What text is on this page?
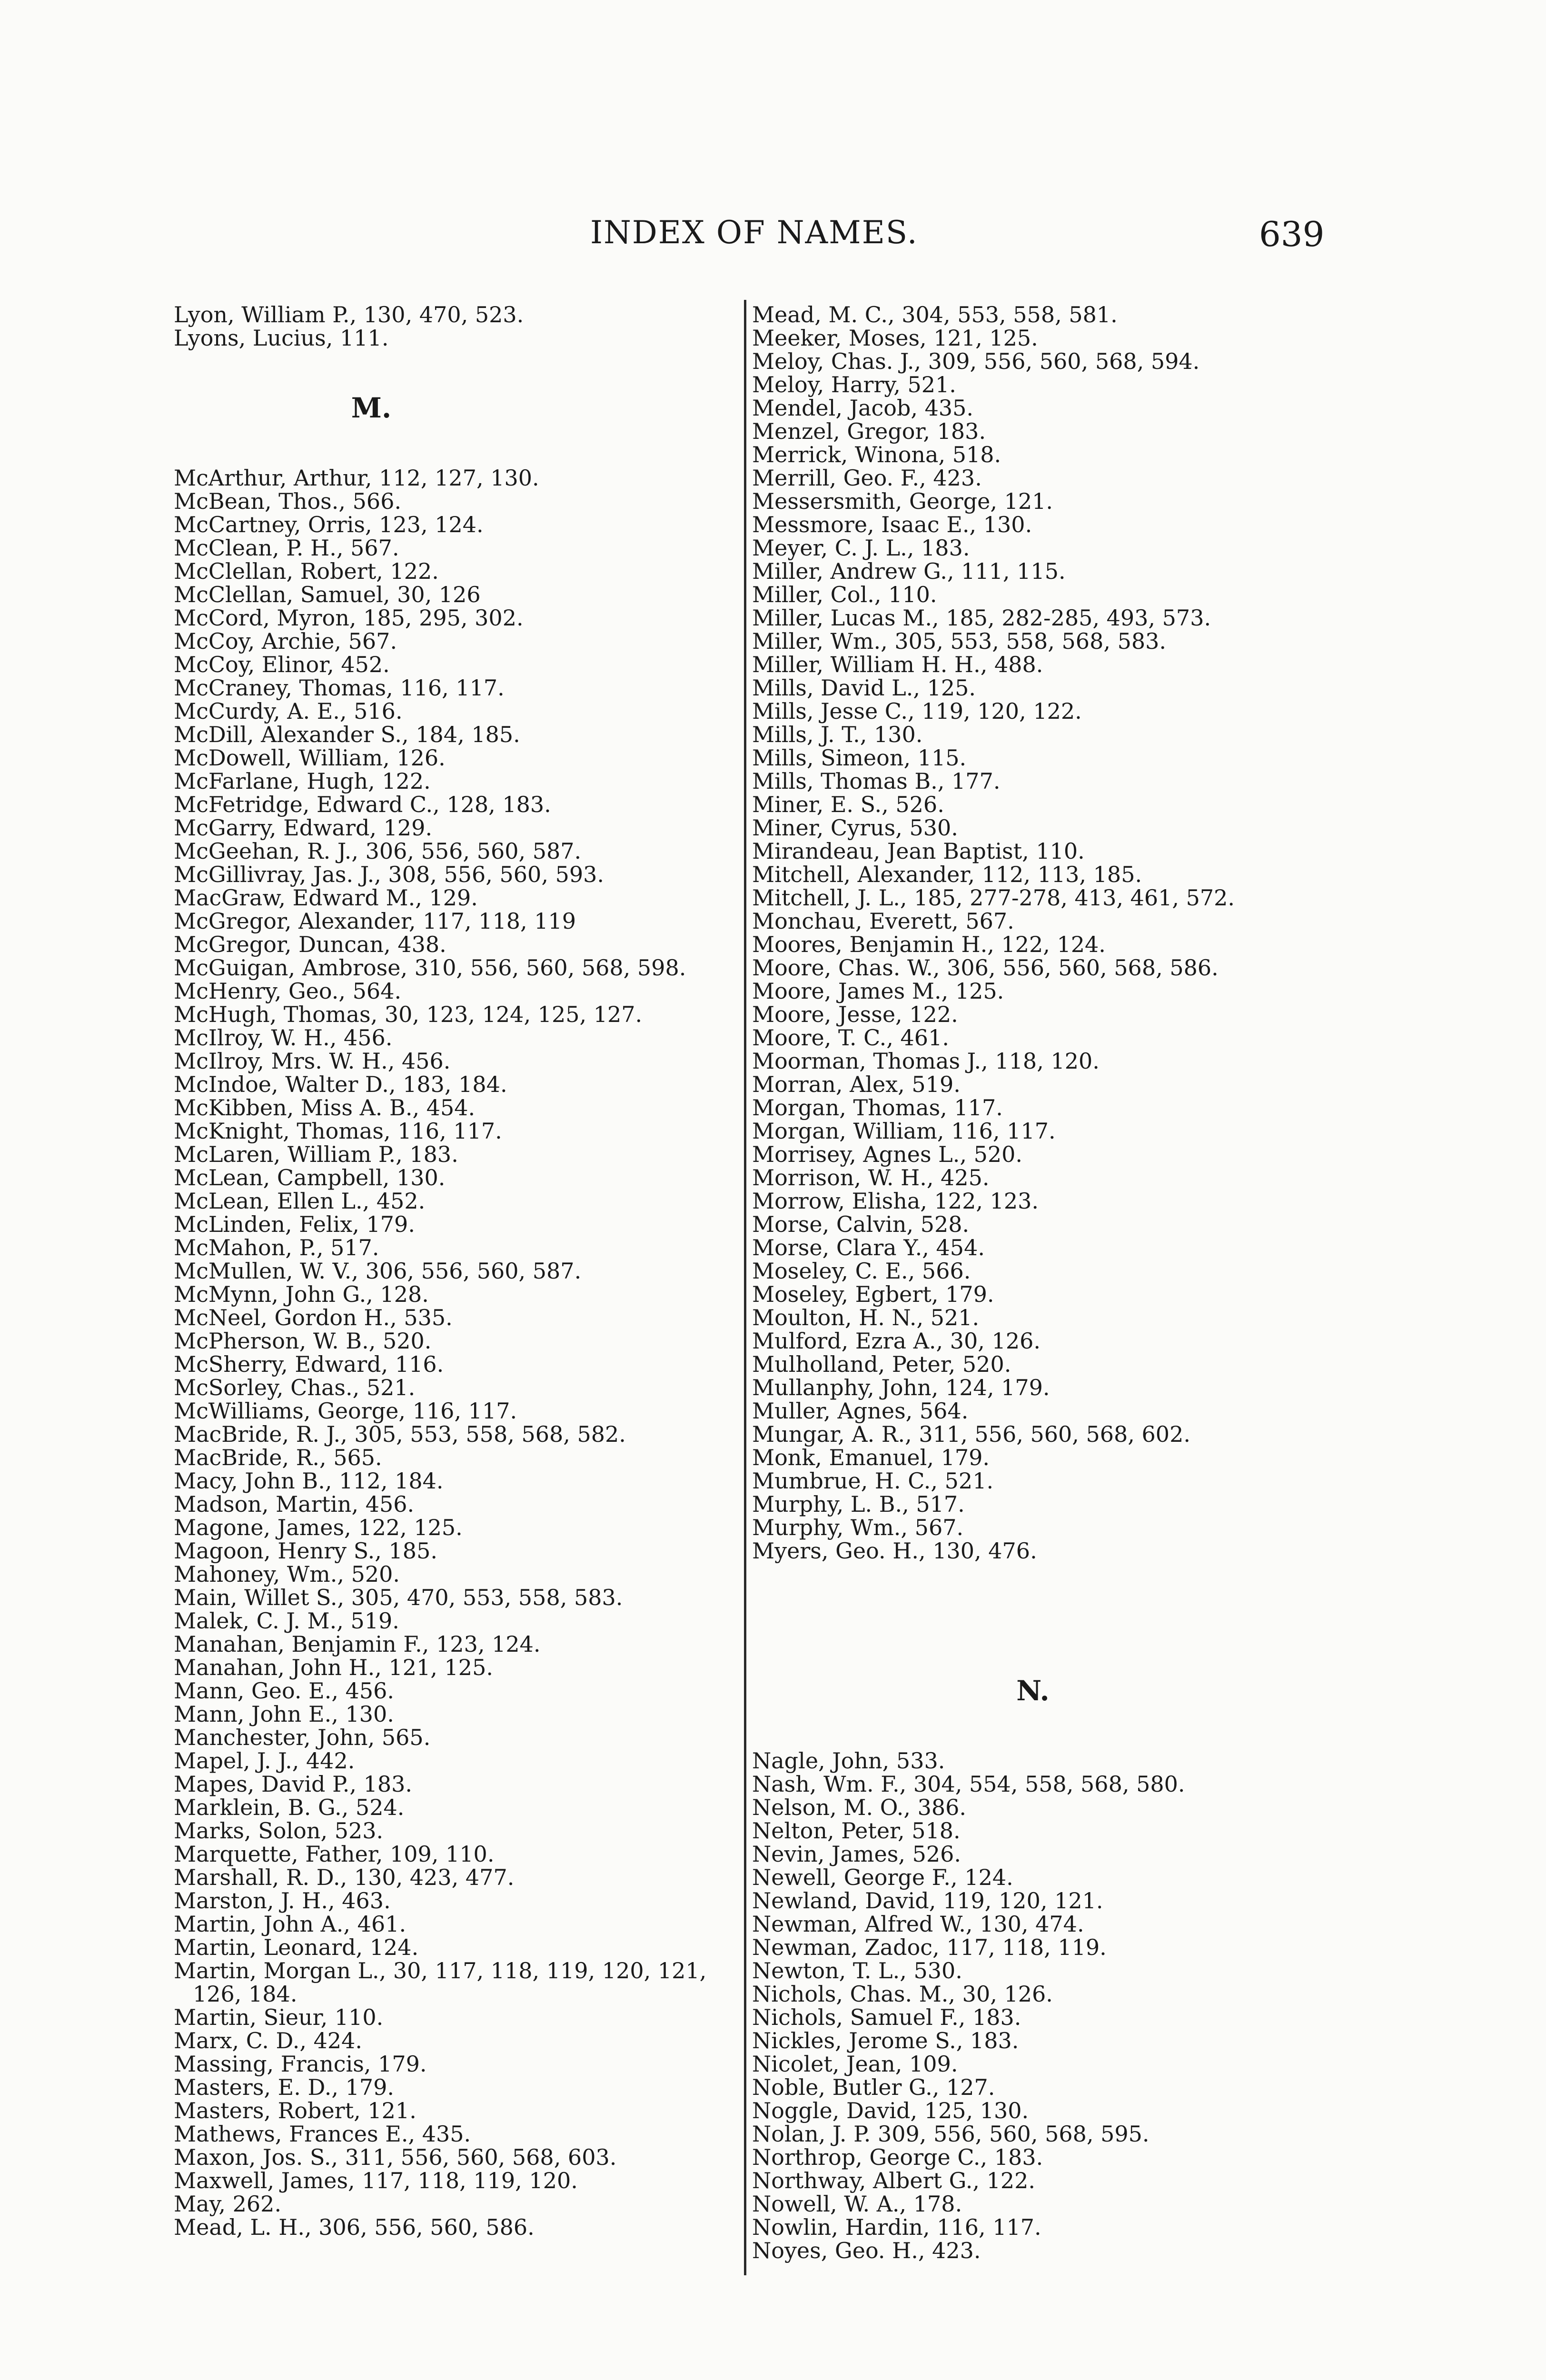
INDEX OF NAMES.	639
Lyon, William P., 130, 470, 523.
Lyons, Lucius, 111.
M.
McArthur, Arthur, 112, 127, 130.
McBean, Thos., 566.
McCartney, Orris, 123, 124.
McClean, P. H., 567.
McClellan, Robert, 122.
McClellan, Samuel, 30, 126
McCord, Myron, 185, 295, 302.
McCoy, Archie, 567.
McCoy, Elinor, 452.
McCraney, Thomas, 116, 117.
McCurdy, A. E., 516.
McDill, Alexander S., 184, 185.
McDowell, William, 126.
McFarlane, Hugh, 122.
McFetridge, Edward C., 128, 183.
McGarry, Edward, 129.
McGeehan, R. J., 306, 556, 560, 587.
McGillivray, Jas. J., 308, 556, 560, 593.
MacGraw, Edward M., 129.
McGregor, Alexander, 117, 118, 119
McGregor, Duncan, 438.
McGuigan, Ambrose, 310, 556, 560, 568, 598.
McHenry, Geo., 564.
McHugh, Thomas, 30, 123, 124, 125, 127.
McIlroy, W. H., 456.
McIlroy, Mrs. W. H., 456.
McIndoe, Walter D., 183, 184.
McKibben, Miss A. B., 454.
McKnight, Thomas, 116, 117.
McLaren, William P., 183.
McLean, Campbell, 130.
McLean, Ellen L., 452.
McLinden, Felix, 179.
McMahon, P., 517.
McMullen, W. V., 306, 556, 560, 587.
McMynn, John G., 128.
McNeel, Gordon H., 535.
McPherson, W. B., 520.
McSherry, Edward, 116.
McSorley, Chas., 521.
McWilliams, George, 116, 117.
MacBride, R. J., 305, 553, 558, 568, 582.
MacBride, R., 565.
Macy, John B., 112, 184.
Madson, Martin, 456.
Magone, James, 122, 125.
Magoon, Henry S., 185.
Mahoney, Wm., 520.
Main, Willet S., 305, 470, 553, 558, 583.
Malek, C. J. M., 519.
Manahan, Benjamin F., 123, 124.
Manahan, John H., 121, 125.
Mann, Geo. E., 456.
Mann, John E., 130.
Manchester, John, 565.
Mapel, J. J., 442.
Mapes, David P., 183.
Marklein, B. G., 524.
Marks, Solon, 523.
Marquette, Father, 109, 110.
Marshall, R. D., 130, 423, 477.
Marston, J. H., 463.
Martin, John A., 461.
Martin, Leonard, 124.
Martin, Morgan L., 30, 117, 118, 119, 120, 121,
126, 184.
Martin, Sieur, 110.
Marx, C. D., 424.
Massing, Francis, 179.
Masters, E. D., 179.
Masters, Robert, 121.
Mathews, Frances E., 435.
Maxon, Jos. S., 311, 556, 560, 568, 603.
Maxwell, James, 117, 118, 119, 120.
May, 262.
Mead, L. H., 306, 556, 560, 586.
Mead, M. C., 304, 553, 558, 581.
Meeker, Moses, 121, 125.
Meloy, Chas. J., 309, 556, 560, 568, 594.
Meloy, Harry, 521.
Mendel, Jacob, 435.
Menzel, Gregor, 183.
Merrick, Winona, 518.
Merrill, Geo. F., 423.
Messersmith, George, 121.
Messmore, Isaac E., 130.
Meyer, C. J. L., 183.
Miller, Andrew G., 111, 115.
Miller, Col., 110.
Miller, Lucas M., 185, 282-285, 493, 573.
Miller, Wm., 305, 553, 558, 568, 583.
Miller, William H. H., 488.
Mills, David L., 125.
Mills, Jesse C., 119, 120, 122.
Mills, J. T., 130.
Mills, Simeon, 115.
Mills, Thomas B., 177.
Miner, E. S., 526.
Miner, Cyrus, 530.
Mirandeau, Jean Baptist, 110.
Mitchell, Alexander, 112, 113, 185.
Mitchell, J. L., 185, 277-278, 413, 461, 572.
Monchau, Everett, 567.
Moores, Benjamin H., 122, 124.
Moore, Chas. W., 306, 556, 560, 568, 586.
Moore, James M., 125.
Moore, Jesse, 122.
Moore, T. C., 461.
Moorman, Thomas J., 118, 120.
Morran, Alex, 519.
Morgan, Thomas, 117.
Morgan, William, 116, 117.
Morrisey, Agnes L., 520.
Morrison, W. H., 425.
Morrow, Elisha, 122, 123.
Morse, Calvin, 528.
Morse, Clara Y., 454.
Moseley, C. E., 566.
Moseley, Egbert, 179.
Moulton, H. N., 521.
Mulford, Ezra A., 30, 126.
Mulholland, Peter, 520.
Mullanphy, John, 124, 179.
Muller, Agnes, 564.
Mungar, A. R., 311, 556, 560, 568, 602.
Monk, Emanuel, 179.
Mumbrue, H. C., 521.
Murphy, L. B., 517.
Murphy, Wm., 567.
Myers, Geo. H., 130, 476.
N.
Nagle, John, 533.
Nash, Wm. F., 304, 554, 558, 568, 580.
Nelson, M. O., 386.
Nelton, Peter, 518.
Nevin, James, 526.
Newell, George F., 124.
Newland, David, 119, 120, 121.
Newman, Alfred W., 130, 474.
Newman, Zadoc, 117, 118, 119.
Newton, T. L., 530.
Nichols, Chas. M., 30, 126.
Nichols, Samuel F., 183.
Nickles, Jerome S., 183.
Nicolet, Jean, 109.
Noble, Butler G., 127.
Noggle, David, 125, 130.
Nolan, J. P. 309, 556, 560, 568, 595.
Northrop, George C., 183.
Northway, Albert G., 122.
Nowell, W. A., 178.
Nowlin, Hardin, 116, 117.
Noyes, Geo. H., 423.
